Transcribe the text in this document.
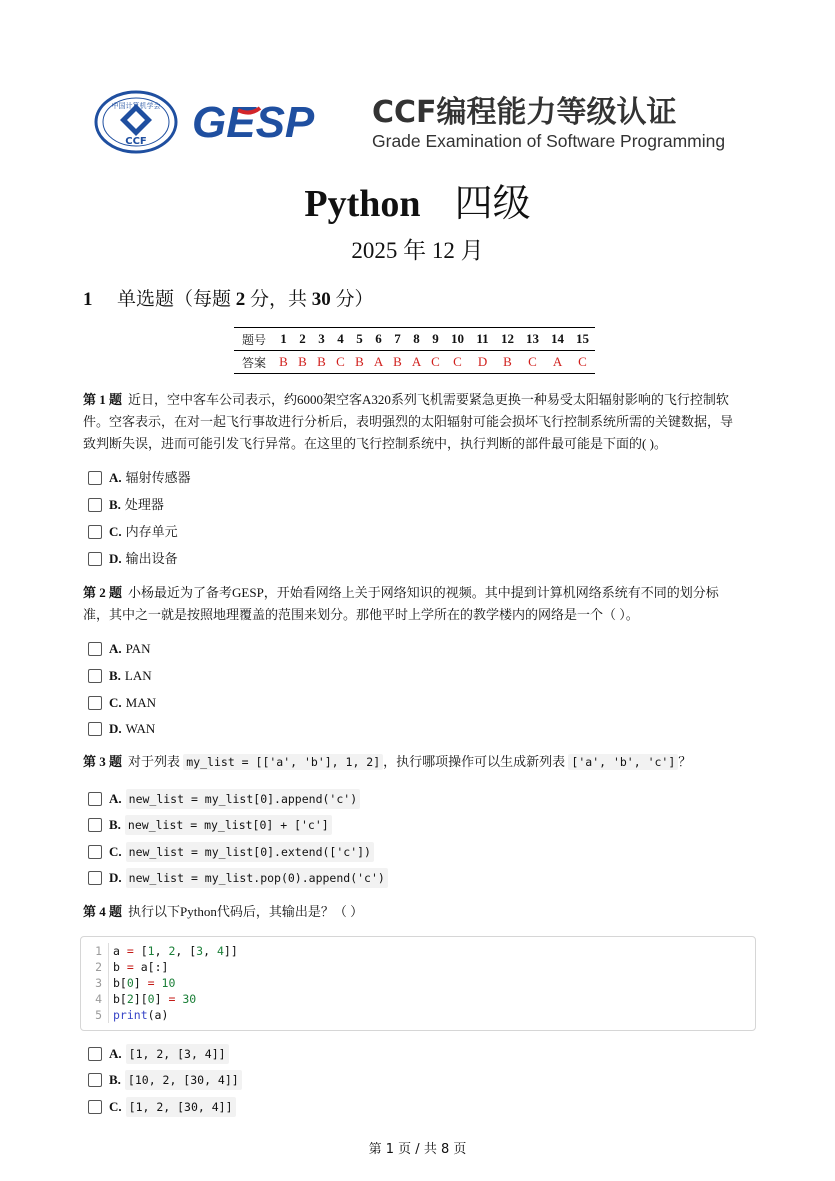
中国计算机学会
CCF GESP CCF编程能力等级认证
Grade Examination of Software Programming
Python 四级
2025 年 12 月
1 单选题（每题 2 分，共 30 分）
题号	1	2	3	4	5	6	7	8	9	10	11	12	13	14	15
答案	B	B	B	C	B	A	B	A	C	C	D	B	C	A	C
第 1 题 近日，空中客车公司表示，约6000架空客A320系列飞机需要紧急更换一种易受太阳辐射影响的飞行控制软
件。空客表示，在对一起飞行事故进行分析后，表明强烈的太阳辐射可能会损坏飞行控制系统所需的关键数据，导
致判断失误，进而可能引发飞行异常。在这里的飞行控制系统中，执行判断的部件最可能是下面的( )。
A. 辐射传感器
B. 处理器
C. 内存单元
D. 输出设备
第 2 题 小杨最近为了备考GESP，开始看网络上关于网络知识的视频。其中提到计算机网络系统有不同的划分标
准，其中之一就是按照地理覆盖的范围来划分。那他平时上学所在的教学楼内的网络是一个（ ）。
A. PAN
B. LAN
C. MAN
D. WAN
第 3 题 对于列表 my_list = [['a', 'b'], 1, 2] ，执行哪项操作可以生成新列表 ['a', 'b', 'c'] ？
A. new_list = my_list[0].append('c')
B. new_list = my_list[0] + ['c']
C. new_list = my_list[0].extend(['c'])
D. new_list = my_list.pop(0).append('c')
第 4 题 执行以下Python代码后，其输出是？（ ）
1 a = [1, 2, [3, 4]]
2 b = a[:]
3 b[0] = 10
4 b[2][0] = 30
5 print(a)
A. [1, 2, [3, 4]]
B. [10, 2, [30, 4]]
C. [1, 2, [30, 4]]
第 1 页 / 共 8 页
